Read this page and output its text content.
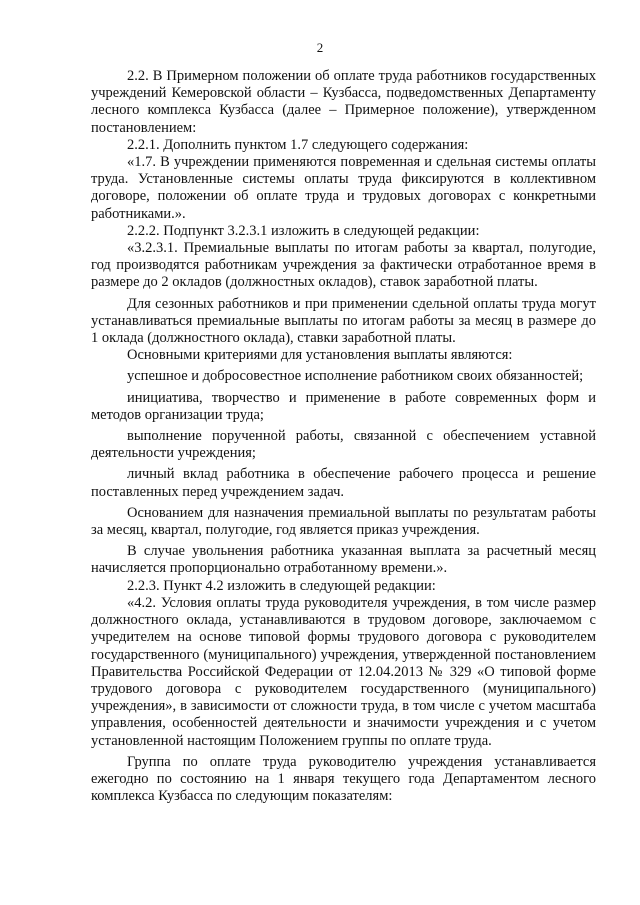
2

2.2. В Примерном положении об оплате труда работников государственных учреждений Кемеровской области – Кузбасса, подведомственных Департаменту лесного комплекса Кузбасса (далее – Примерное положение), утвержденном постановлением:

2.2.1. Дополнить пунктом 1.7 следующего содержания:

«1.7. В учреждении применяются повременная и сдельная системы оплаты труда. Установленные системы оплаты труда фиксируются в коллективном договоре, положении об оплате труда и трудовых договорах с конкретными работниками.».

2.2.2. Подпункт 3.2.3.1 изложить в следующей редакции:

«3.2.3.1. Премиальные выплаты по итогам работы за квартал, полугодие, год производятся работникам учреждения за фактически отработанное время в размере до 2 окладов (должностных окладов), ставок заработной платы.

Для сезонных работников и при применении сдельной оплаты труда могут устанавливаться премиальные выплаты по итогам работы за месяц в размере до 1 оклада (должностного оклада), ставки заработной платы.

Основными критериями для установления выплаты являются:

успешное и добросовестное исполнение работником своих обязанностей;

инициатива, творчество и применение в работе современных форм и методов организации труда;

выполнение порученной работы, связанной с обеспечением уставной деятельности учреждения;

личный вклад работника в обеспечение рабочего процесса и решение поставленных перед учреждением задач.

Основанием для назначения премиальной выплаты по результатам работы за месяц, квартал, полугодие, год является приказ учреждения.

В случае увольнения работника указанная выплата за расчетный месяц начисляется пропорционально отработанному времени.».

2.2.3. Пункт 4.2 изложить в следующей редакции:

«4.2. Условия оплаты труда руководителя учреждения, в том числе размер должностного оклада, устанавливаются в трудовом договоре, заключаемом с учредителем на основе типовой формы трудового договора с руководителем государственного (муниципального) учреждения, утвержденной постановлением Правительства Российской Федерации от 12.04.2013 № 329 «О типовой форме трудового договора с руководителем государственного (муниципального) учреждения», в зависимости от сложности труда, в том числе с учетом масштаба управления, особенностей деятельности и значимости учреждения и с учетом установленной настоящим Положением группы по оплате труда.

Группа по оплате труда руководителю учреждения устанавливается ежегодно по состоянию на 1 января текущего года Департаментом лесного комплекса Кузбасса по следующим показателям:
